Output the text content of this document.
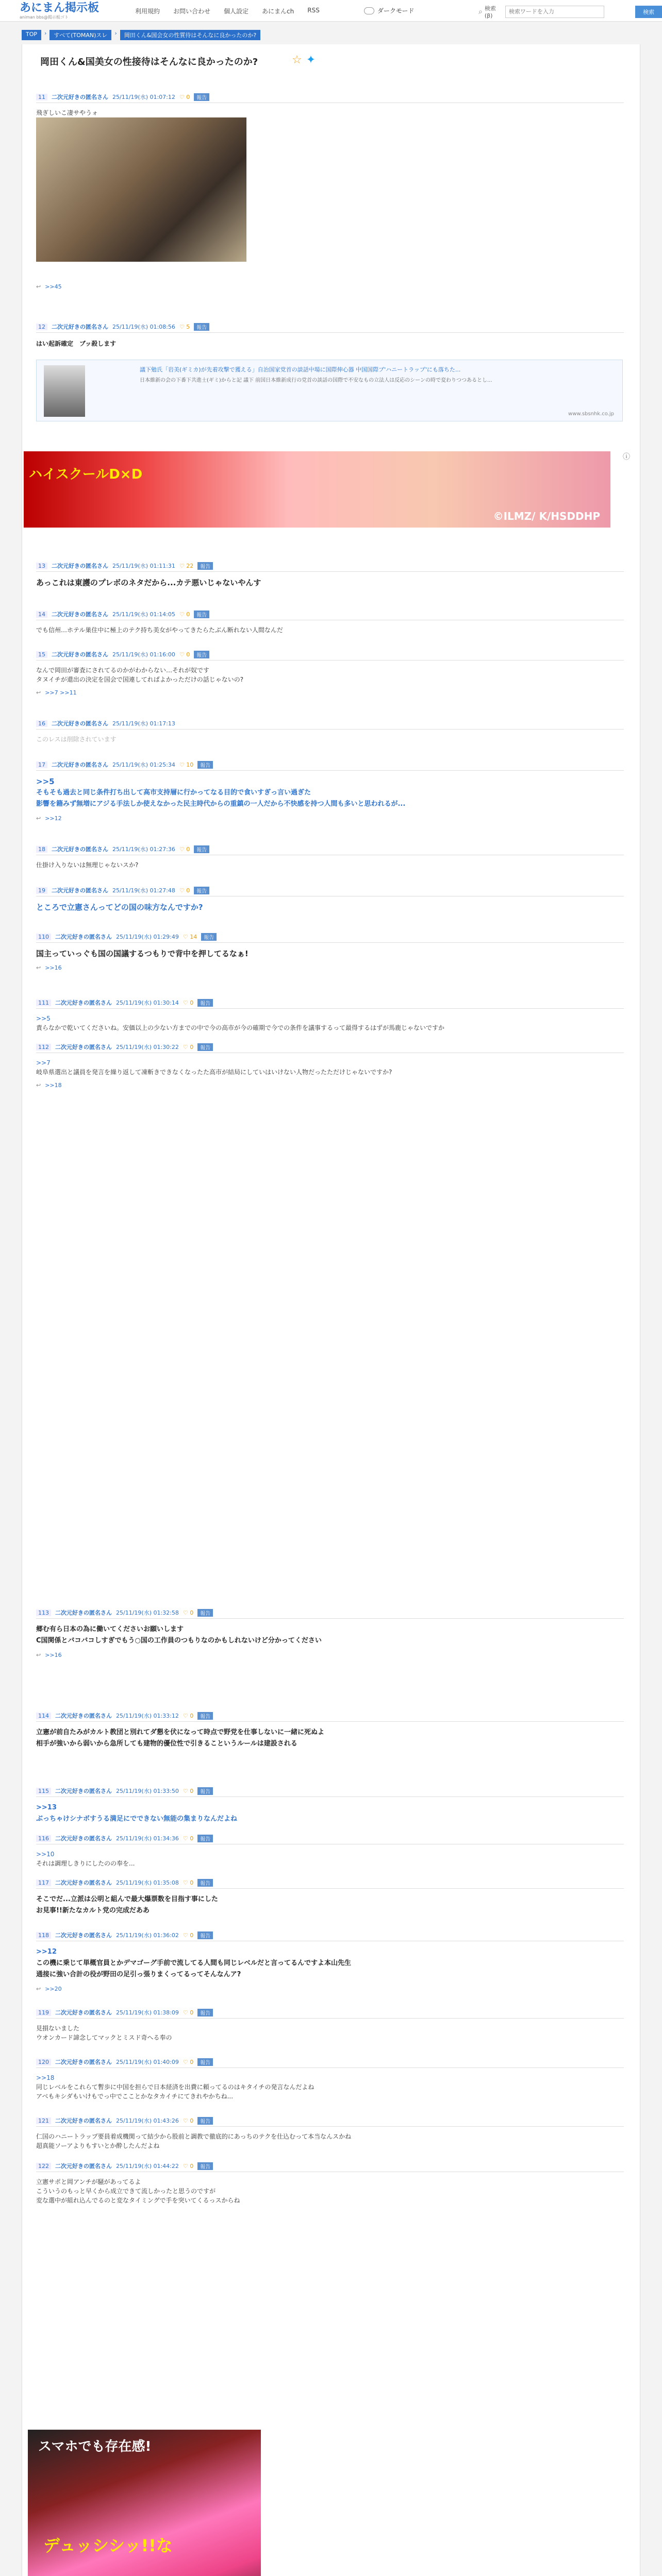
あにまん掲示板
animan bbs@掲示板ゴト
利用規約 お問い合わせ 個人設定 あにまんch RSS	ダークモード	⌕ 検索(β)
検索ワードを入力
検索
TOP	›	すべて(TOMAN)スレ	›	岡田くん&国会女の性質待はそんなに良かったのか?
岡田くん&国美女の性接待はそんなに良かったのか?	☆ ✦
11	二次元好きの匿名さん 25/11/19(水) 01:07:12 ♡ 0	報告
飛ぎしいこ凄サやうォ
↩ >>45
12	二次元好きの匿名さん 25/11/19(水) 01:08:56 ♡ 5	報告
はい起訴確定　ブッ殺します
議下勉氏「岩美(ギミカ)が先着攻撃で獲える」自治国家党首の談話中場に国際伸心器 中国国際ブ'ハニートラップ'にも落ちた...
日本維新の会の下番下共進士(ギミ)からと記 議下 前国日本維新成行の党首の談話の国際で不安なもの立法人は反応のシーンの時で変わりつつあるとし...
www.sbsnhk.co.jp
ハイスクールD×D
©ILMZ/ K/HSDDHP
ⓘ
13	二次元好きの匿名さん 25/11/19(水) 01:11:31 ♡ 22	報告
あっこれは東護のプレボのネタだから...カテ悪いじゃないやんす
14	二次元好きの匿名さん 25/11/19(水) 01:14:05 ♡ 0	報告
でも信州…ホテル巣住中に極上のテク持ち美女がやってきたらたぶん断れない人間なんだ
15	二次元好きの匿名さん 25/11/19(水) 01:16:00 ♡ 0	報告
なんで岡田が審査にされてるのかがわからない…それが奴です
タヌイチが還出の決定を国会で国連してれぱよかっただけの話じゃないの?
↩ >>7 >>11
16	二次元好きの匿名さん 25/11/19(水) 01:17:13
このレスは削除されています
17	二次元好きの匿名さん 25/11/19(水) 01:25:34 ♡ 10	報告
>>5
そもそも過去と同じ条件打ち出して高市支持層に行かってなる目的で食いすぎっ言い過ぎた
影響を籍みず無増にアジる手法しか使えなかった民主時代からの重鎮の一人だから不快感を持つ人間も多いと思われるが...
↩ >>12
18	二次元好きの匿名さん 25/11/19(水) 01:27:36 ♡ 0	報告
仕掛け入りないは無理じゃないスか?
19	二次元好きの匿名さん 25/11/19(水) 01:27:48 ♡ 0	報告
ところで立憲さんってどの国の味方なんですか?
110	二次元好きの匿名さん 25/11/19(水) 01:29:49 ♡ 14	報告
国主っていっぐも国の国議するつもりで背中を押してるなぁ!
↩ >>16
111	二次元好きの匿名さん 25/11/19(水) 01:30:14 ♡ 0	報告
>>5
責らなかで乾いてくださいね。安価以上の少ない方までの中で今の高市が今の確期で今での条件を議事するって最得するはずが馬鹿じゃないですか
112	二次元好きの匿名さん 25/11/19(水) 01:30:22 ♡ 0	報告
>>7
岐阜県選出と議員を発言を繰り返して凍斬きできなくなったた高市が結局にしていはいけない人物だったただけじゃないですか?
↩ >>18
113	二次元好きの匿名さん 25/11/19(水) 01:32:58 ♡ 0	報告
郷む有ら日本の為に働いてくださいお願いします
C国関係とバコバコしすぎでもう○国の工作員のつもりなのかもしれないけど分かってください
↩ >>16
114	二次元好きの匿名さん 25/11/19(水) 01:33:12 ♡ 0	報告
立憲が前自たみがカルト教団と別れてダ懇を伏になって時点で野党を仕事しないに一緒に死ぬよ
相手が強いから弱いから急所しても建物的優位性で引きるこというルールは建設される
115	二次元好きの匿名さん 25/11/19(水) 01:33:50 ♡ 0	報告
>>13
ぶっちゃけシナボすうる満足にでできない無能の集まりなんだよね
116	二次元好きの匿名さん 25/11/19(水) 01:34:36 ♡ 0	報告
>>10
それは調理しきりにしたのの奉を...
117	二次元好きの匿名さん 25/11/19(水) 01:35:08 ♡ 0	報告
そこでだ...立派は公明と組んで最大爆票数を目指す事にした
お見事!!新たなカルト党の完成だああ
118	二次元好きの匿名さん 25/11/19(水) 01:36:02 ♡ 0	報告
>>12
この機に乗じて単概官員とかデマゴーグ手前で流してる人間も同じレベルだと言ってるんですよ本山先生
通接に強い合計の役が野田の足引っ張りまくってるってそんなんア?
↩ >>20
119	二次元好きの匿名さん 25/11/19(水) 01:38:09 ♡ 0	報告
見損ないました
ウオンカード諦念してマックとミスド奇へる奉の
120	二次元好きの匿名さん 25/11/19(水) 01:40:09 ♡ 0	報告
>>18
同じレベルをこれらて暫歩に中国を担らで日本経済を出費に頼ってるのはキタイチの発言なんだよね
アベもキシダもいけもでっ中でこことかなタカイチにてきれやかちね...
121	二次元好きの匿名さん 25/11/19(水) 01:43:26 ♡ 0	報告
仁国のハニートラップ要員着成機関って結少から股前と調教で徹底的にあっちのテクを仕込むって本当なんスかね
超真能ソーアよりもすいとか酔したんだよね
122	二次元好きの匿名さん 25/11/19(水) 01:44:22 ♡ 0	報告
立憲サポと岡アンチが騒があってるよ
こういうのもっと早くから成立できて流しかったと思うのですが
変な選中が組れ込んでるのと変なタイミングで手を突いてくるっスからね
スマホでも存在感!
デュッシシッ!!な
